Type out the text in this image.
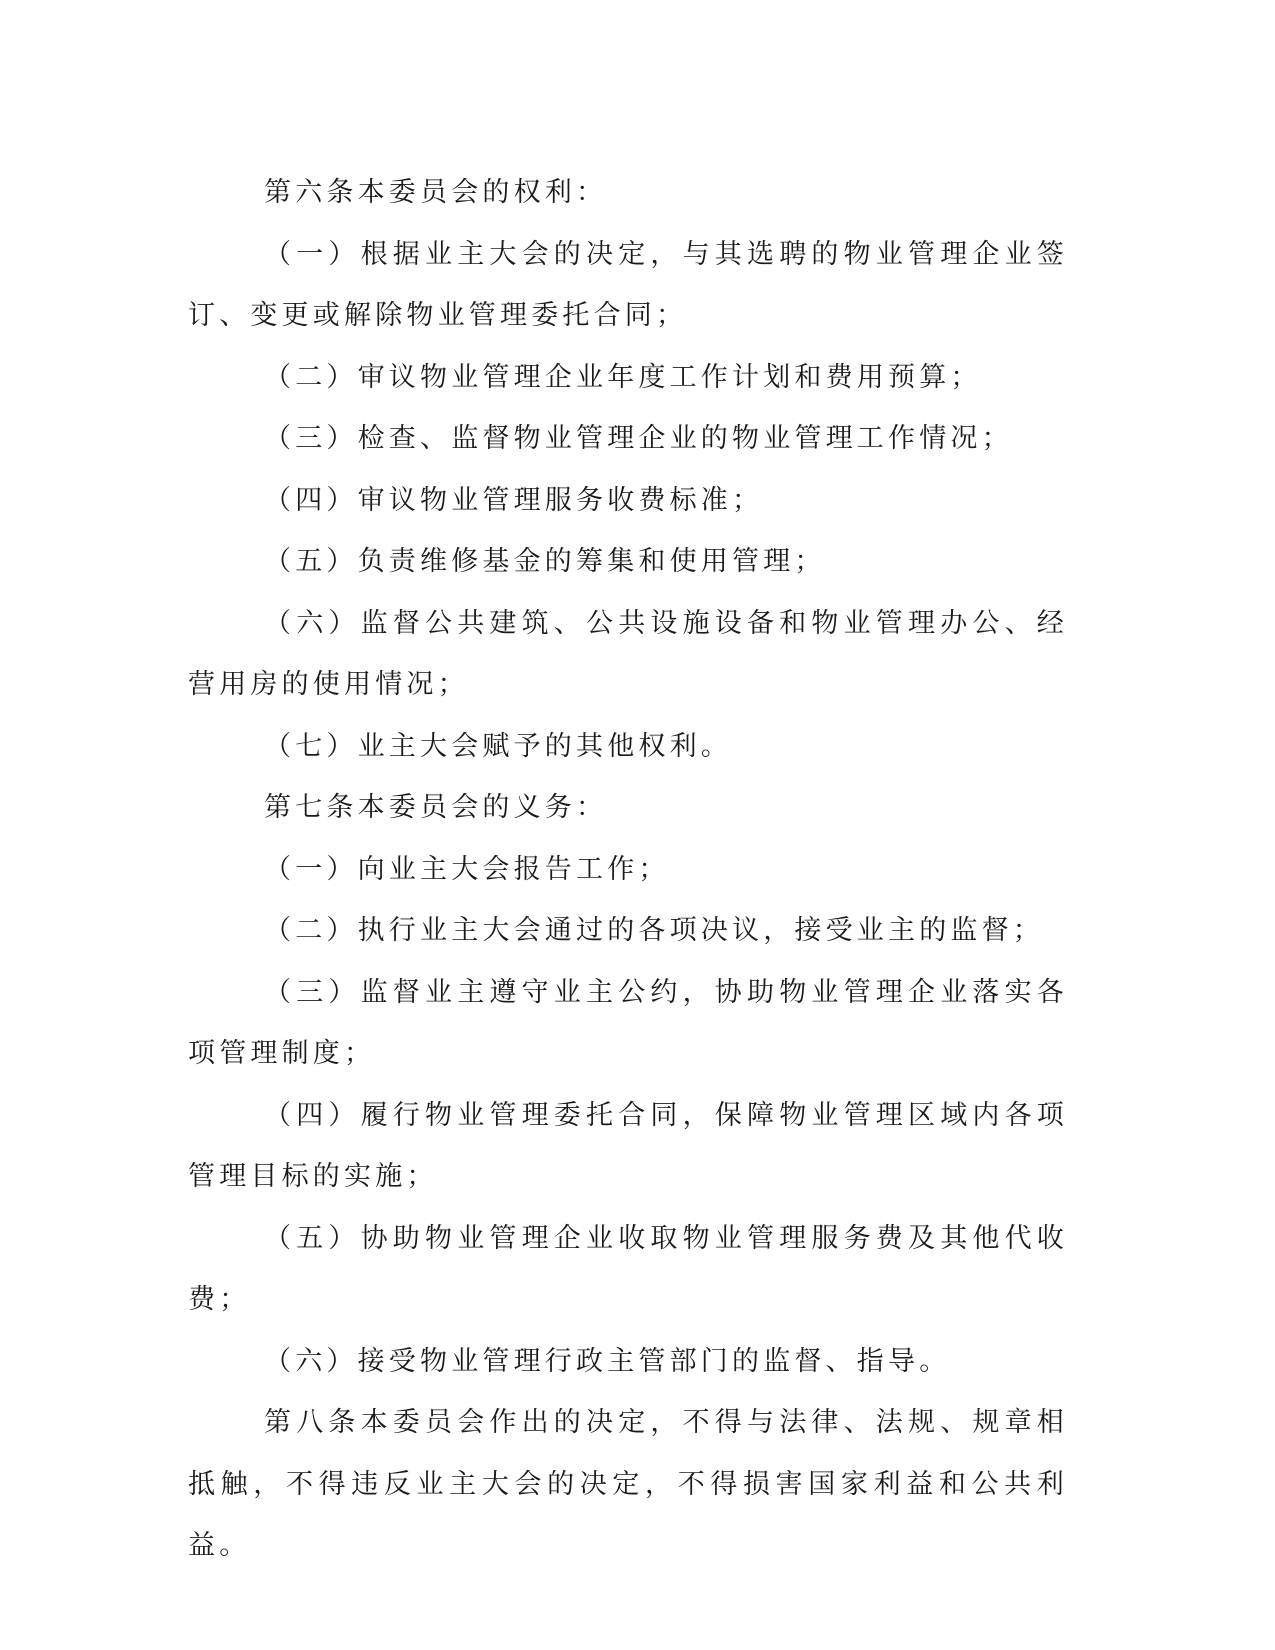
第六条本委员会的权利：

（一）根据业主大会的决定，与其选聘的物业管理企业签订、变更或解除物业管理委托合同；

（二）审议物业管理企业年度工作计划和费用预算；

（三）检查、监督物业管理企业的物业管理工作情况；

（四）审议物业管理服务收费标准；

（五）负责维修基金的筹集和使用管理；

（六）监督公共建筑、公共设施设备和物业管理办公、经营用房的使用情况；

（七）业主大会赋予的其他权利。

第七条本委员会的义务：

（一）向业主大会报告工作；

（二）执行业主大会通过的各项决议，接受业主的监督；

（三）监督业主遵守业主公约，协助物业管理企业落实各项管理制度；

（四）履行物业管理委托合同，保障物业管理区域内各项管理目标的实施；

（五）协助物业管理企业收取物业管理服务费及其他代收费；

（六）接受物业管理行政主管部门的监督、指导。

第八条本委员会作出的决定，不得与法律、法规、规章相抵触，不得违反业主大会的决定，不得损害国家利益和公共利益。
